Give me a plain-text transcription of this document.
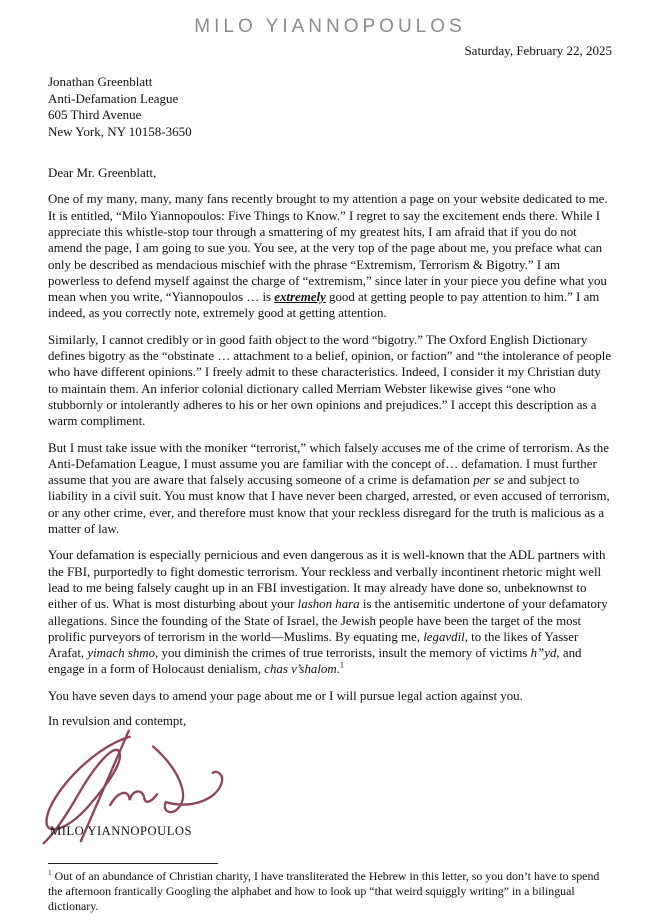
MILO YIANNOPOULOS
Saturday, February 22, 2025
Jonathan Greenblatt
Anti-Defamation League
605 Third Avenue
New York, NY 10158-3650
Dear Mr. Greenblatt,

One of my many, many, many fans recently brought to my attention a page on your website dedicated to me. It is entitled, “Milo Yiannopoulos: Five Things to Know.” I regret to say the excitement ends there. While I appreciate this whistle-stop tour through a smattering of my greatest hits, I am afraid that if you do not amend the page, I am going to sue you. You see, at the very top of the page about me, you preface what can only be described as mendacious mischief with the phrase “Extremism, Terrorism & Bigotry.” I am powerless to defend myself against the charge of “extremism,” since later in your piece you define what you mean when you write, “Yiannopoulos … is extremely good at getting people to pay attention to him.” I am indeed, as you correctly note, extremely good at getting attention.

Similarly, I cannot credibly or in good faith object to the word “bigotry.” The Oxford English Dictionary defines bigotry as the “obstinate … attachment to a belief, opinion, or faction” and “the intolerance of people who have different opinions.” I freely admit to these characteristics. Indeed, I consider it my Christian duty to maintain them. An inferior colonial dictionary called Merriam Webster likewise gives “one who stubbornly or intolerantly adheres to his or her own opinions and prejudices.” I accept this description as a warm compliment.

But I must take issue with the moniker “terrorist,” which falsely accuses me of the crime of terrorism. As the Anti-Defamation League, I must assume you are familiar with the concept of… defamation. I must further assume that you are aware that falsely accusing someone of a crime is defamation per se and subject to liability in a civil suit. You must know that I have never been charged, arrested, or even accused of terrorism, or any other crime, ever, and therefore must know that your reckless disregard for the truth is malicious as a matter of law.

Your defamation is especially pernicious and even dangerous as it is well-known that the ADL partners with the FBI, purportedly to fight domestic terrorism. Your reckless and verbally incontinent rhetoric might well lead to me being falsely caught up in an FBI investigation. It may already have done so, unbeknownst to either of us. What is most disturbing about your lashon hara is the antisemitic undertone of your defamatory allegations. Since the founding of the State of Israel, the Jewish people have been the target of the most prolific purveyors of terrorism in the world—Muslims. By equating me, legavdil, to the likes of Yasser Arafat, yimach shmo, you diminish the crimes of true terrorists, insult the memory of victims h”yd, and engage in a form of Holocaust denialism, chas v’shalom.$^1$

You have seven days to amend your page about me or I will pursue legal action against you.

In revulsion and contempt,
MILO YIANNOPOULOS
$^1$ Out of an abundance of Christian charity, I have transliterated the Hebrew in this letter, so you don’t have to spend the afternoon frantically Googling the alphabet and how to look up “that weird squiggly writing” in a bilingual dictionary.
